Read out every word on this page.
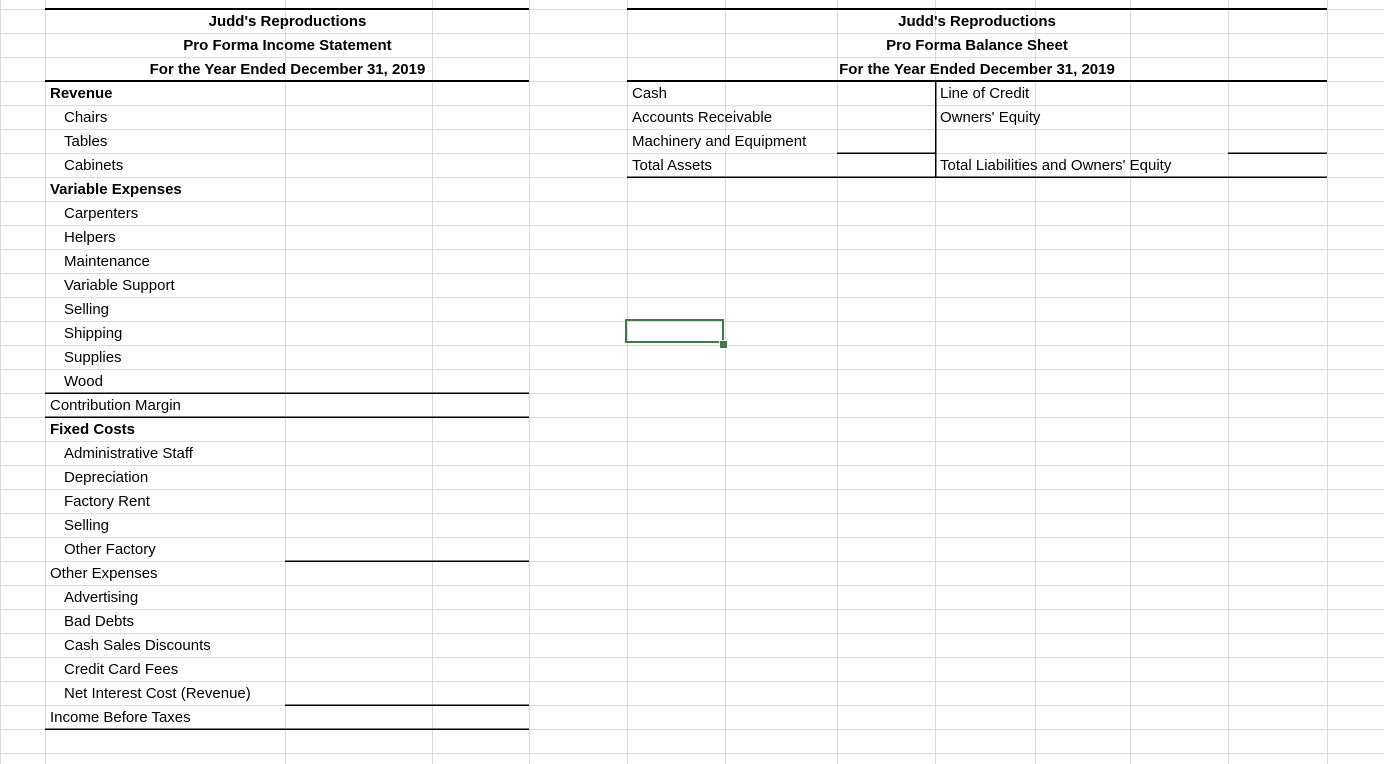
Judd's Reproductions
Pro Forma Income Statement
For the Year Ended December 31, 2019
Revenue
Chairs
Tables
Cabinets
Variable Expenses
Carpenters
Helpers
Maintenance
Variable Support
Selling
Shipping
Supplies
Wood
Contribution Margin
Fixed Costs
Administrative Staff
Depreciation
Factory Rent
Selling
Other Factory
Other Expenses
Advertising
Bad Debts
Cash Sales Discounts
Credit Card Fees
Net Interest Cost (Revenue)
Income Before Taxes
Judd's Reproductions
Pro Forma Balance Sheet
For the Year Ended December 31, 2019
Cash
Accounts Receivable
Machinery and Equipment
Total Assets
Line of Credit
Owners' Equity
Total Liabilities and Owners' Equity
